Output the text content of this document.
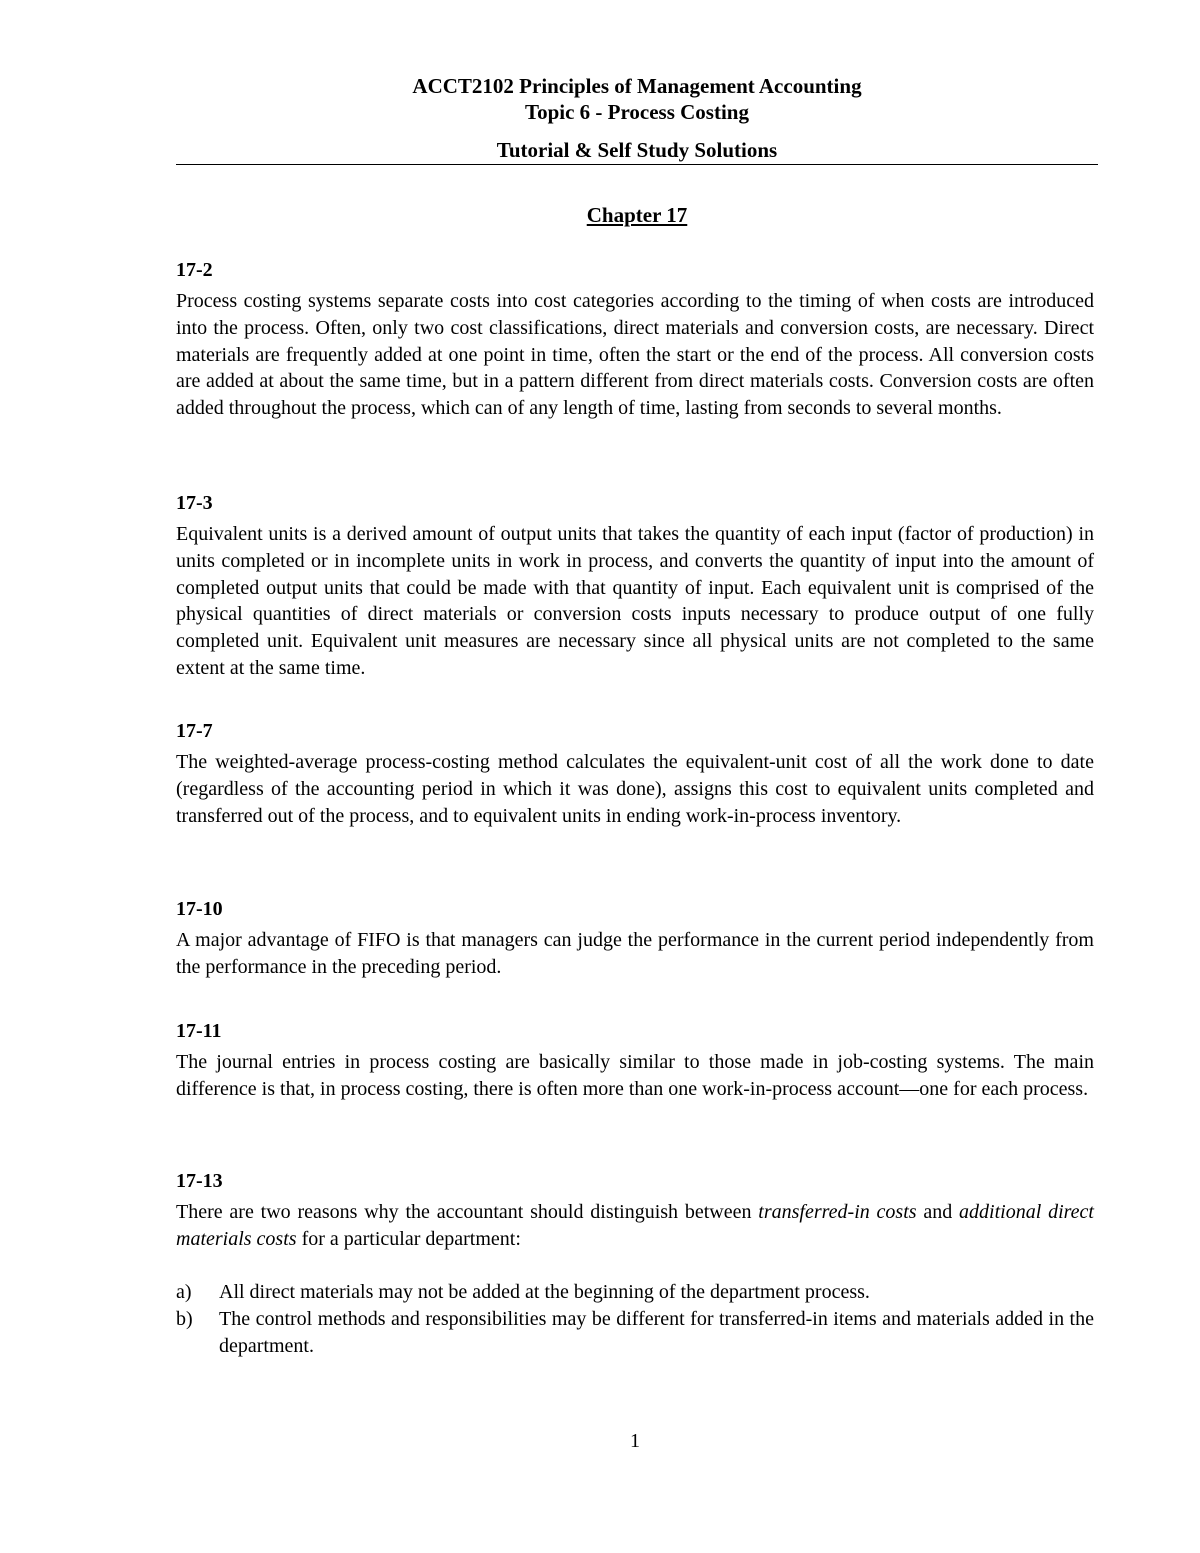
ACCT2102 Principles of Management Accounting
Topic 6 - Process Costing
Tutorial & Self Study Solutions
Chapter 17
17-2
Process costing systems separate costs into cost categories according to the timing of when costs are introduced into the process. Often, only two cost classifications, direct materials and conversion costs, are necessary. Direct materials are frequently added at one point in time, often the start or the end of the process. All conversion costs are added at about the same time, but in a pattern different from direct materials costs. Conversion costs are often added throughout the process, which can of any length of time, lasting from seconds to several months.
17-3
Equivalent units is a derived amount of output units that takes the quantity of each input (factor of production) in units completed or in incomplete units in work in process, and converts the quantity of input into the amount of completed output units that could be made with that quantity of input. Each equivalent unit is comprised of the physical quantities of direct materials or conversion costs inputs necessary to produce output of one fully completed unit. Equivalent unit measures are necessary since all physical units are not completed to the same extent at the same time.
17-7
The weighted-average process-costing method calculates the equivalent-unit cost of all the work done to date (regardless of the accounting period in which it was done), assigns this cost to equivalent units completed and transferred out of the process, and to equivalent units in ending work-in-process inventory.
17-10
A major advantage of FIFO is that managers can judge the performance in the current period independently from the performance in the preceding period.
17-11
The journal entries in process costing are basically similar to those made in job-costing systems. The main difference is that, in process costing, there is often more than one work-in-process account—one for each process.
17-13
There are two reasons why the accountant should distinguish between transferred-in costs and additional direct materials costs for a particular department:
a) All direct materials may not be added at the beginning of the department process.
b) The control methods and responsibilities may be different for transferred-in items and materials added in the department.
1
